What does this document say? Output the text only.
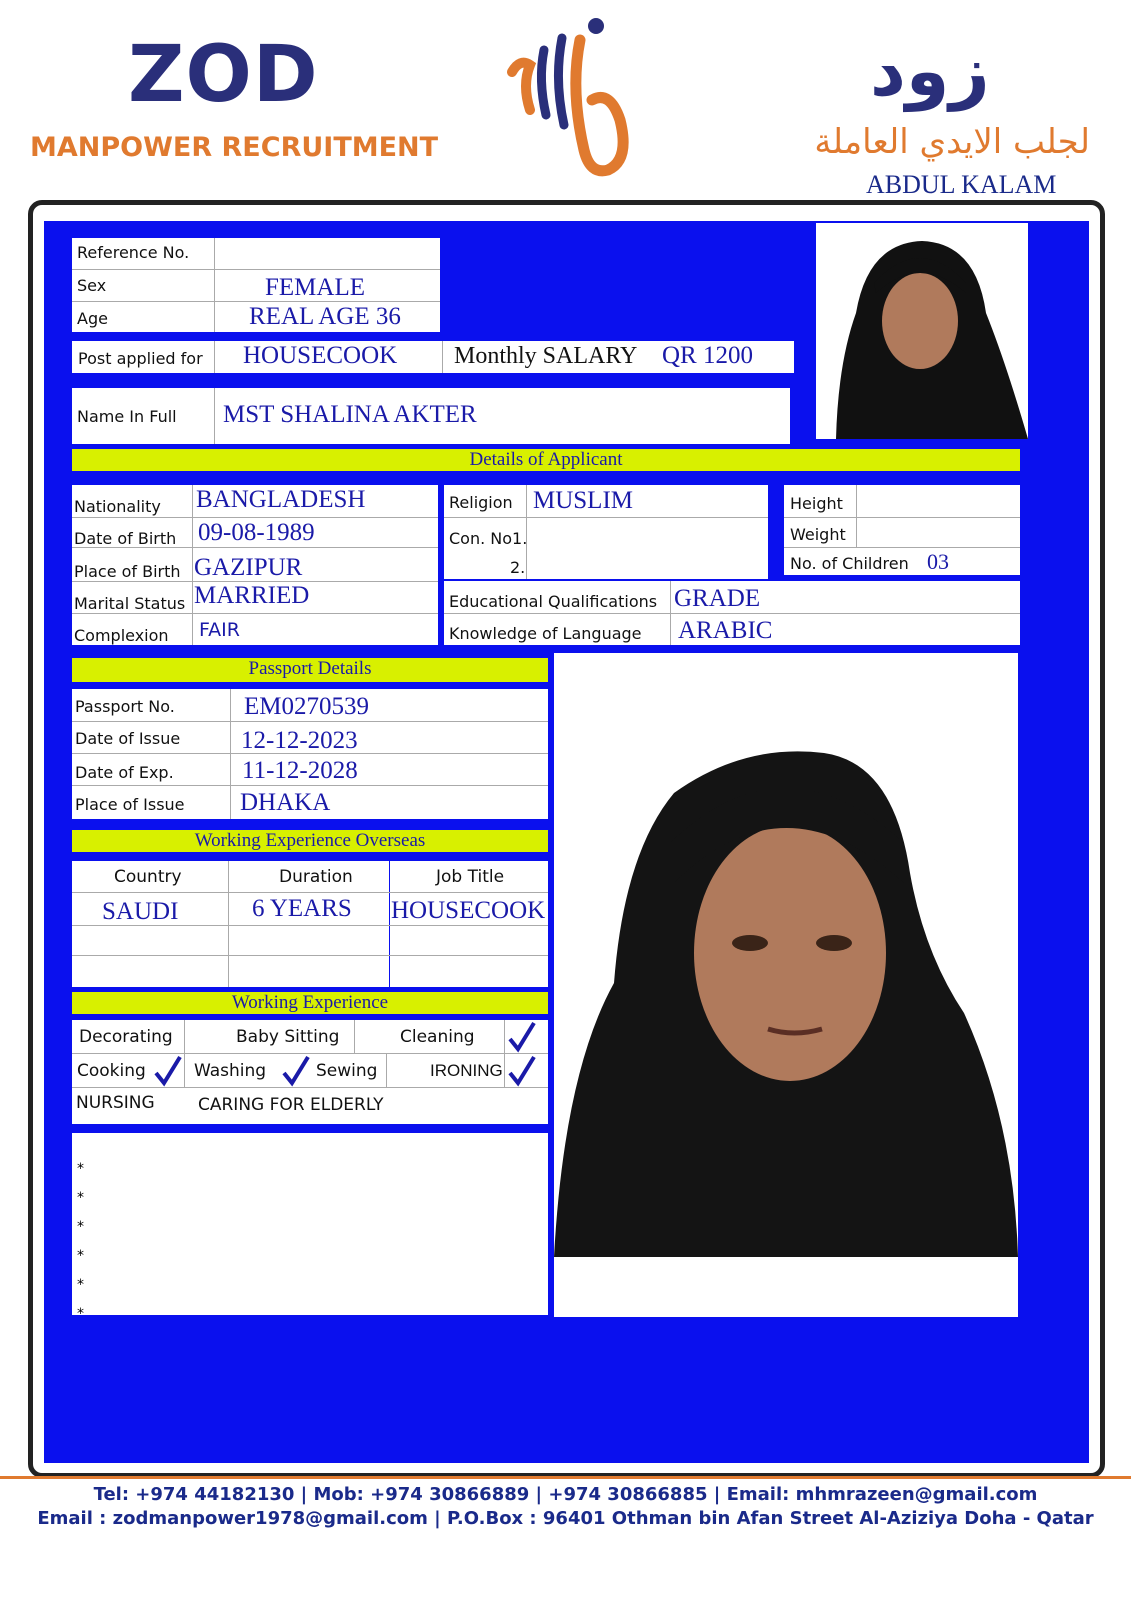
ZOD
MANPOWER RECRUITMENT
زود
لجلب الايدي العاملة
ABDUL KALAM
Reference No.
Sex	FEMALE
Age	REAL AGE 36
Post applied for HOUSECOOK Monthly SALARY QR 1200
Name In Full MST SHALINA AKTER
Details of Applicant
Nationality BANGLADESH
Date of Birth 09-08-1989
Place of Birth GAZIPUR
Marital Status MARRIED
Complexion FAIR
Religion MUSLIM
Con. No1.
2.
Height
Weight
No. of Children 03
Educational Qualifications GRADE
Knowledge of Language ARABIC
Passport Details
Passport No.	EM0270539
Date of Issue 12-12-2023
Date of Exp.	11-12-2028
Place of Issue DHAKA
Working Experience Overseas
Country	Duration	Job Title
SAUDI	6 YEARS HOUSECOOK
Working Experience
Decorating	Baby Sitting	Cleaning
Cooking	Washing	Sewing	IRONING
NURSING	CARING FOR ELDERLY
*
*
*
*
*
*
Tel: +974 44182130 | Mob: +974 30866889 | +974 30866885 | Email: mhmrazeen@gmail.com
Email : zodmanpower1978@gmail.com | P.O.Box : 96401 Othman bin Afan Street Al-Aziziya Doha - Qatar
